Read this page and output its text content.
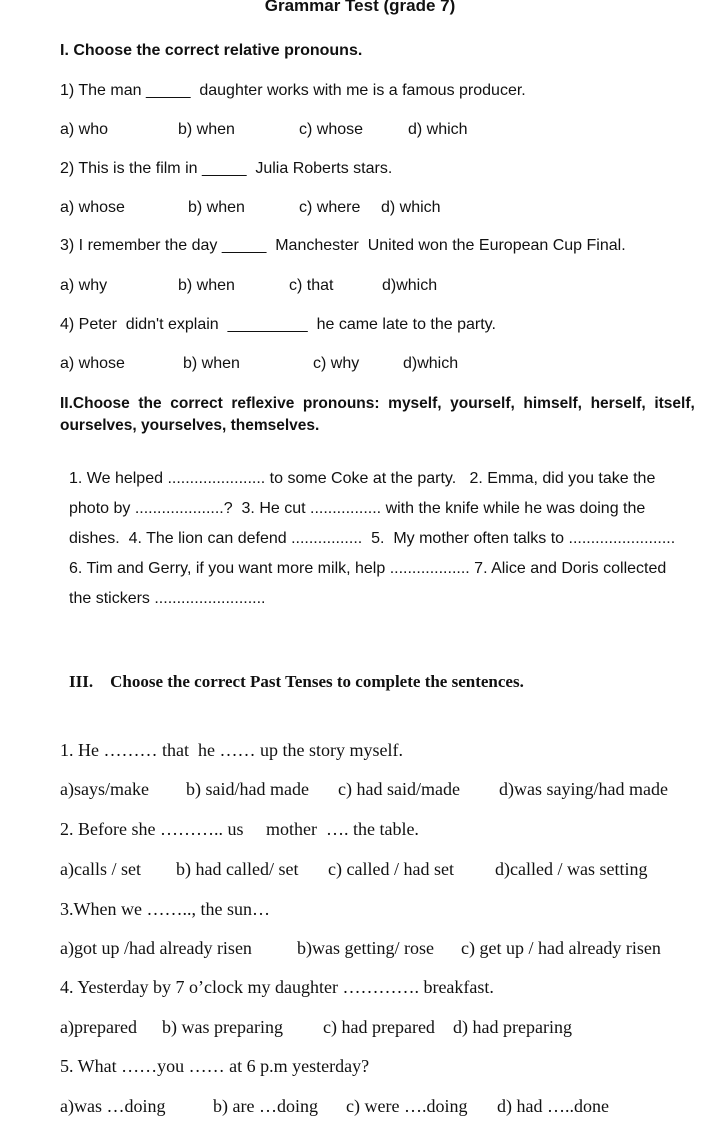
Grammar Test (grade 7)
I. Choose the correct relative pronouns.
1) The man _____  daughter works with me is a famous producer.
a) who	b) when	c) whose	d) which
2) This is the film in _____  Julia Roberts stars.
a) whose	b) when	c) where d) which
3) I remember the day _____  Manchester  United won the European Cup Final.
a) why	b) when	c) that	d)which
4) Peter  didn't explain  _________  he came late to the party.
a) whose	b) when	c) why	d)which
II.Choose  the  correct  reflexive  pronouns:  myself,  yourself,  himself,  herself,  itself,
ourselves, yourselves, themselves.
1. We helped ...................... to some Coke at the party.   2. Emma, did you take the
photo by ....................?  3. He cut ................ with the knife while he was doing the
dishes.  4. The lion can defend ................  5.  My mother often talks to ........................
6. Tim and Gerry, if you want more milk, help .................. 7. Alice and Doris collected
the stickers .........................
III.    Choose the correct Past Tenses to complete the sentences.
1. He ……… that  he …… up the story myself.
a)says/make b) said/had made c) had said/made d)was saying/had made
2. Before she ……….. us     mother  …. the table.
a)calls / set b) had called/ set c) called / had set d)called / was setting
3.When we …….., the sun…
a)got up /had already risen	b)was getting/ rose c) get up / had already risen
4. Yesterday by 7 o’clock my daughter …………. breakfast.
a)prepared b) was preparing c) had prepared d) had preparing
5. What ……you …… at 6 p.m yesterday?
a)was …doing	b) are …doing c) were ….doing d) had …..done
